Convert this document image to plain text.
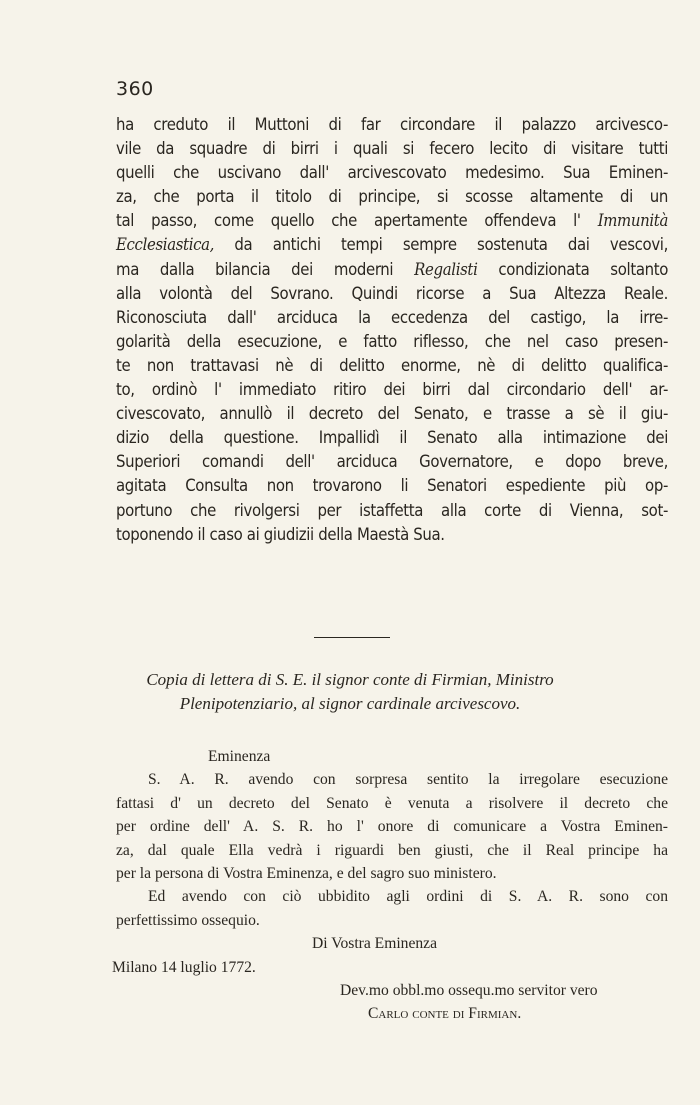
360
ha creduto il Muttoni di far circondare il palazzo arcivesco-
vile da squadre di birri i quali si fecero lecito di visitare tutti
quelli che uscivano dall' arcivescovato medesimo. Sua Eminen-
za, che porta il titolo di principe, si scosse altamente di un
tal passo, come quello che apertamente offendeva l' Immunità
Ecclesiastica, da antichi tempi sempre sostenuta dai vescovi,
ma dalla bilancia dei moderni Regalisti condizionata soltanto
alla volontà del Sovrano. Quindi ricorse a Sua Altezza Reale.
Riconosciuta dall' arciduca la eccedenza del castigo, la irre-
golarità della esecuzione, e fatto riflesso, che nel caso presen-
te non trattavasi nè di delitto enorme, nè di delitto qualifica-
to, ordinò l' immediato ritiro dei birri dal circondario dell' ar-
civescovato, annullò il decreto del Senato, e trasse a sè il giu-
dizio della questione. Impallidì il Senato alla intimazione dei
Superiori comandi dell' arciduca Governatore, e dopo breve,
agitata Consulta non trovarono li Senatori espediente più op-
portuno che rivolgersi per istaffetta alla corte di Vienna, sot-
toponendo il caso ai giudizii della Maestà Sua.
Copia di lettera di S. E. il signor conte di Firmian, Ministro
Plenipotenziario, al signor cardinale arcivescovo.
Eminenza
S. A. R. avendo con sorpresa sentito la irregolare esecuzione
fattasi d' un decreto del Senato è venuta a risolvere il decreto che
per ordine dell' A. S. R. ho l' onore di comunicare a Vostra Eminen-
za, dal quale Ella vedrà i riguardi ben giusti, che il Real principe ha
per la persona di Vostra Eminenza, e del sagro suo ministero.
Ed avendo con ciò ubbidito agli ordini di S. A. R. sono con
perfettissimo ossequio.
Di Vostra Eminenza
Milano 14 luglio 1772.
Dev.mo obbl.mo ossequ.mo servitor vero
Carlo conte di Firmian.
